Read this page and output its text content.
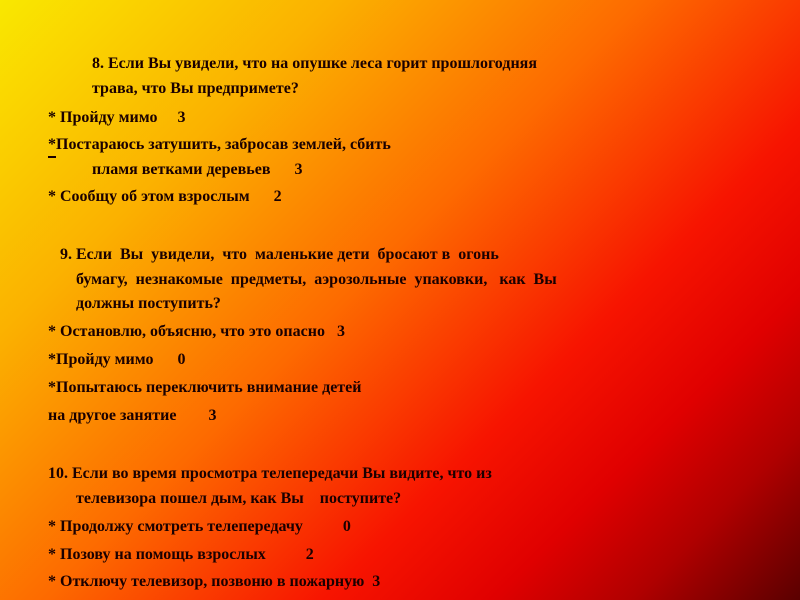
8. Если Вы увидели, что на опушке леса горит прошлогодняя
трава, что Вы предпримете?
* Пройду мимо     3
*Постараюсь затушить, забросав землей, сбить
пламя ветками деревьев      3
* Сообщу об этом взрослым      2
9. Если  Вы  увидели,  что  маленькие дети  бросают в  огонь
бумагу,  незнакомые  предметы,  аэрозольные  упаковки,   как  Вы
должны поступить?
* Остановлю, объясню, что это опасно   3
*Пройду мимо      0
*Попытаюсь переключить внимание детей
на другое занятие        3
10. Если во время просмотра телепередачи Вы видите, что из
телевизора пошел дым, как Вы    поступите?
* Продолжу смотреть телепередачу          0
* Позову на помощь взрослых          2
* Отключу телевизор, позвоню в пожарную  3
